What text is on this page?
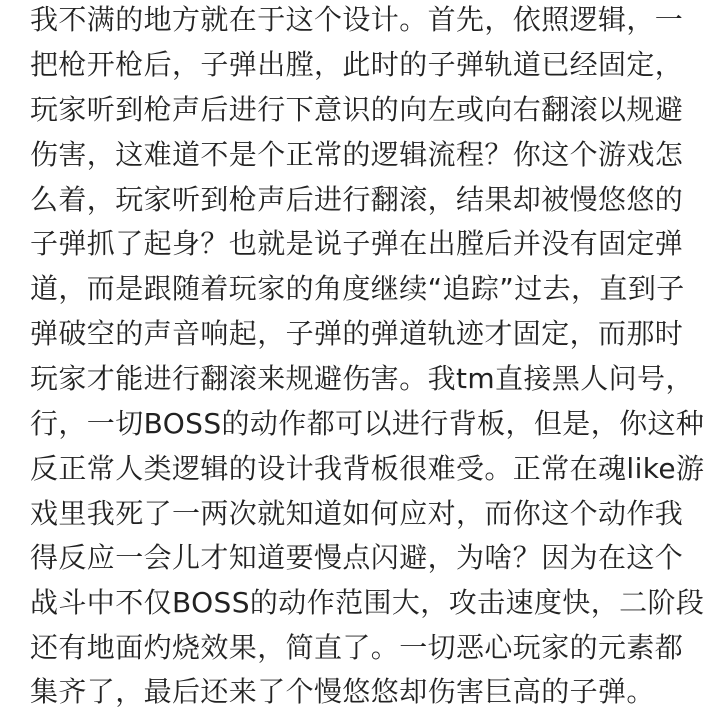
我不满的地方就在于这个设计。首先，依照逻辑，一
把枪开枪后，子弹出膛，此时的子弹轨道已经固定，
玩家听到枪声后进行下意识的向左或向右翻滚以规避
伤害，这难道不是个正常的逻辑流程？你这个游戏怎
么着，玩家听到枪声后进行翻滚，结果却被慢悠悠的
子弹抓了起身？也就是说子弹在出膛后并没有固定弹
道，而是跟随着玩家的角度继续“追踪”过去，直到子
弹破空的声音响起，子弹的弹道轨迹才固定，而那时
玩家才能进行翻滚来规避伤害。我tm直接黑人问号，
行，一切BOSS的动作都可以进行背板，但是，你这种
反正常人类逻辑的设计我背板很难受。正常在魂like游
戏里我死了一两次就知道如何应对，而你这个动作我
得反应一会儿才知道要慢点闪避，为啥？因为在这个
战斗中不仅BOSS的动作范围大，攻击速度快，二阶段
还有地面灼烧效果，简直了。一切恶心玩家的元素都
集齐了，最后还来了个慢悠悠却伤害巨高的子弹。
